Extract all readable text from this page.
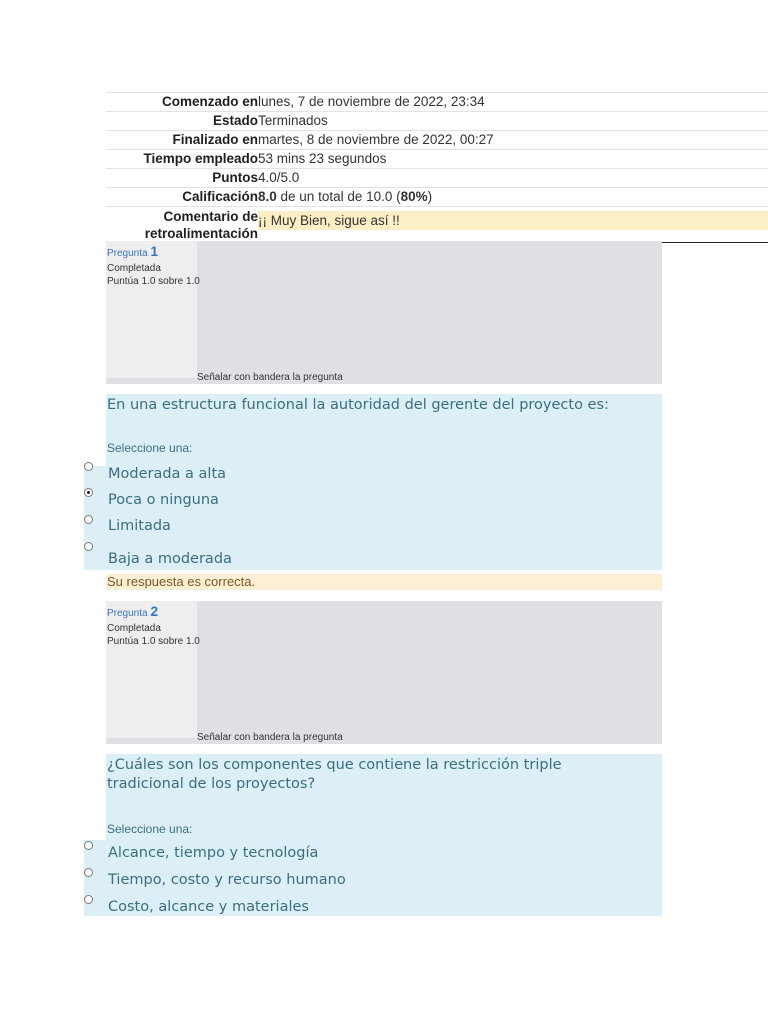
Comenzado en lunes, 7 de noviembre de 2022, 23:34
Estado Terminados
Finalizado en martes, 8 de noviembre de 2022, 00:27
Tiempo empleado 53 mins 23 segundos
Puntos 4.0/5.0
Calificación 8.0 de un total de 10.0 (80%)
Comentario de
retroalimentación
¡¡ Muy Bien, sigue así !!
Pregunta 1
Completada
Puntúa 1.0 sobre 1.0
Señalar con bandera la pregunta
En una estructura funcional la autoridad del gerente del proyecto es:
Seleccione una:
Moderada a alta
Poca o ninguna
Limitada
Baja a moderada
Su respuesta es correcta.
Pregunta 2
Completada
Puntúa 1.0 sobre 1.0
Señalar con bandera la pregunta
¿Cuáles son los componentes que contiene la restricción triple tradicional de los proyectos?
Seleccione una:
Alcance, tiempo y tecnología
Tiempo, costo y recurso humano
Costo, alcance y materiales
